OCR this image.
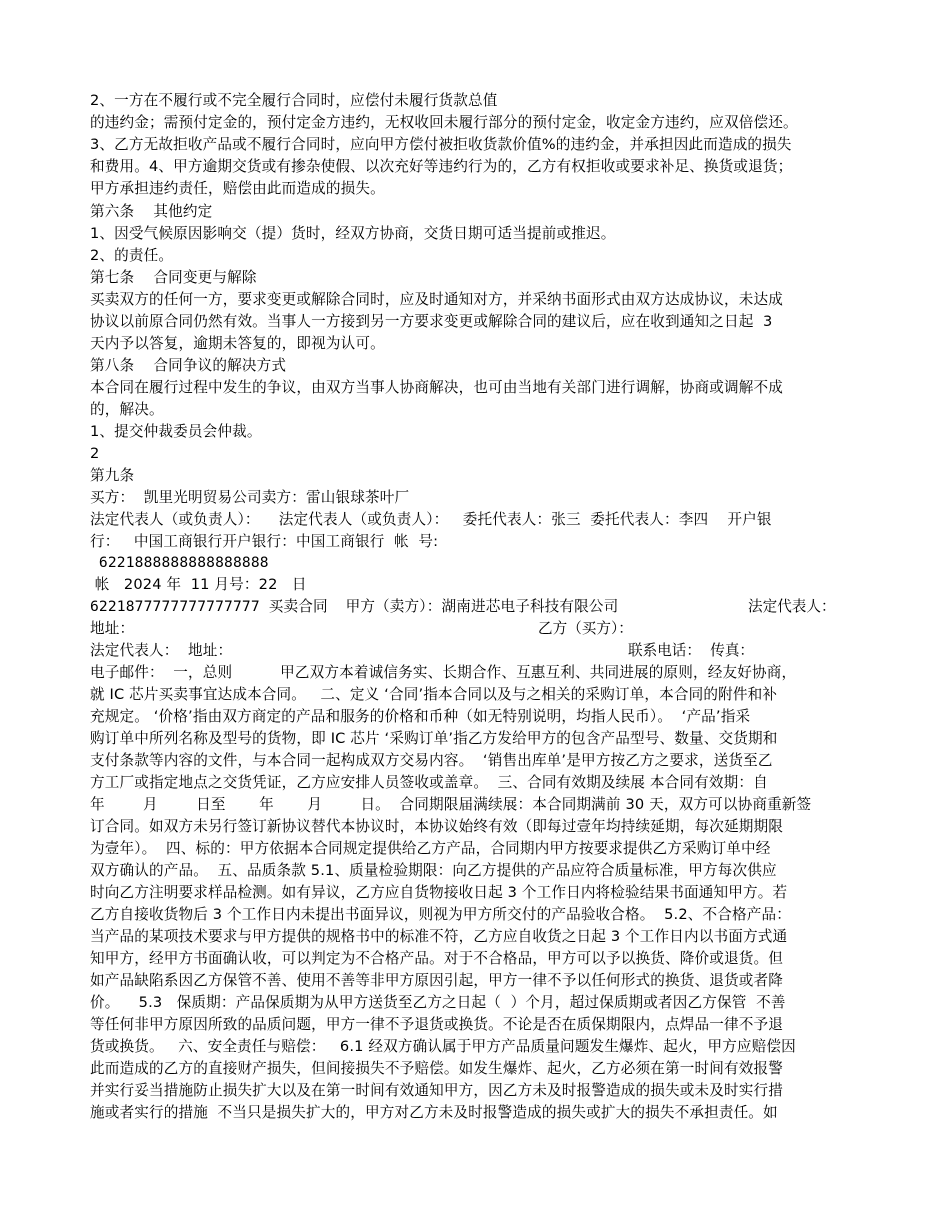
2、一方在不履行或不完全履行合同时，应偿付未履行货款总值
的违约金；需预付定金的，预付定金方违约，无权收回未履行部分的预付定金，收定金方违约，应双倍偿还。
3、乙方无故拒收产品或不履行合同时，应向甲方偿付被拒收货款价值%的违约金，并承担因此而造成的损失
和费用。4、甲方逾期交货或有掺杂使假、以次充好等违约行为的，乙方有权拒收或要求补足、换货或退货；
甲方承担违约责任，赔偿由此而造成的损失。
第六条    其他约定
1、因受气候原因影响交（提）货时，经双方协商，交货日期可适当提前或推迟。
2、的责任。
第七条    合同变更与解除
买卖双方的任何一方，要求变更或解除合同时，应及时通知对方，并采纳书面形式由双方达成协议，未达成
协议以前原合同仍然有效。当事人一方接到另一方要求变更或解除合同的建议后，应在收到通知之日起  3
天内予以答复，逾期未答复的，即视为认可。
第八条    合同争议的解决方式
本合同在履行过程中发生的争议，由双方当事人协商解决，也可由当地有关部门进行调解，协商或调解不成
的，解决。
1、提交仲裁委员会仲裁。
2
第九条
买方：  凯里光明贸易公司卖方：雷山银球茶叶厂
法定代表人（或负责人）：    法定代表人（或负责人）：   委托代表人：张三  委托代表人：李四    开户银
行：   中国工商银行开户银行：中国工商银行  帐  号:
6221888888888888888
帐   2024 年  11 月号：22   日
6221877777777777777 买卖合同  甲方（卖方）：湖南进芯电子科技有限公司
地址：
法定代表人：  地址：
电子邮件：  一，总则          甲乙双方本着诚信务实、长期合作、互惠互利、共同进展的原则，经友好协商，
就 IC 芯片买卖事宜达成本合同。   二、定义 ‘合同’指本合同以及与之相关的采购订单，本合同的附件和补
充规定。 ‘价格’指由双方商定的产品和服务的价格和币种（如无特别说明，均指人民币）。  ‘产品’指采
购订单中所列名称及型号的货物，即 IC 芯片 ‘采购订单’指乙方发给甲方的包含产品型号、数量、交货期和
支付条款等内容的文件，与本合同一起构成双方交易内容。  ‘销售出库单’是甲方按乙方之要求，送货至乙
方工厂或指定地点之交货凭证，乙方应安排人员签收或盖章。  三、合同有效期及续展 本合同有效期：自
年        月        日至       年       月        日。  合同期限届满续展：本合同期满前 30 天，双方可以协商重新签
订合同。如双方未另行签订新协议替代本协议时，本协议始终有效（即每过壹年均持续延期，每次延期期限
为壹年）。  四、标的：甲方依据本合同规定提供给乙方产品，合同期内甲方按要求提供乙方采购订单中经
双方确认的产品。  五、品质条款 5.1、质量检验期限：向乙方提供的产品应符合质量标准，甲方每次供应
时向乙方注明要求样品检测。如有异议，乙方应自货物接收日起 3 个工作日内将检验结果书面通知甲方。若
乙方自接收货物后 3 个工作日内未提出书面异议，则视为甲方所交付的产品验收合格。  5.2、不合格产品：
当产品的某项技术要求与甲方提供的规格书中的标准不符，乙方应自收货之日起 3 个工作日内以书面方式通
知甲方，经甲方书面确认收，可以判定为不合格产品。对于不合格品，甲方可以予以换货、降价或退货。但
如产品缺陷系因乙方保管不善、使用不善等非甲方原因引起，甲方一律不予以任何形式的换货、退货或者降
价。    5.3   保质期：产品保质期为从甲方送货至乙方之日起（  ）个月，超过保质期或者因乙方保管  不善
等任何非甲方原因所致的品质问题，甲方一律不予退货或换货。不论是否在质保期限内，点焊品一律不予退
货或换货。   六、安全责任与赔偿：   6.1 经双方确认属于甲方产品质量问题发生爆炸、起火，甲方应赔偿因
此而造成的乙方的直接财产损失，但间接损失不予赔偿。如发生爆炸、起火，乙方必须在第一时间有效报警
并实行妥当措施防止损失扩大以及在第一时间有效通知甲方，因乙方未及时报警造成的损失或未及时实行措
施或者实行的措施  不当只是损失扩大的，甲方对乙方未及时报警造成的损失或扩大的损失不承担责任。如
法定代表人：
乙方（买方）：
联系电话：  传真：
